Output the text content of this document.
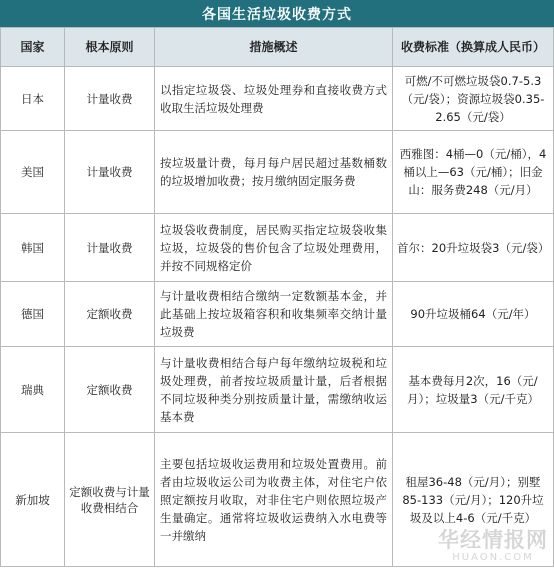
各国生活垃圾收费方式
国家	根本原则	措施概述	收费标准（换算成人民币）
日本	计量收费	以指定垃圾袋、垃圾处理券和直接收费方式收取生活垃圾处理费	可燃/不可燃垃圾袋0.7-5.3（元/袋）；资源垃圾袋0.35-2.65（元/袋）
美国	计量收费	按垃圾量计费，每月每户居民超过基数桶数的垃圾增加收费；按月缴纳固定服务费	西雅图：4桶—0（元/桶），4桶以上—63（元/桶）；旧金山：服务费248（元/月）
韩国	计量收费	垃圾袋收费制度，居民购买指定垃圾袋收集垃圾，垃圾袋的售价包含了垃圾处理费用，并按不同规格定价	首尔：20升垃圾袋3（元/袋）
德国	定额收费	与计量收费相结合缴纳一定数额基本金，并此基础上按垃圾箱容积和收集频率交纳计量垃圾费	90升垃圾桶64（元/年）
瑞典	定额收费	与计量收费相结合每户每年缴纳垃圾税和垃圾处理费，前者按垃圾质量计量，后者根据不同垃圾种类分别按质量计量，需缴纳收运基本费	基本费每月2次，16（元/月）；垃圾量3（元/千克）
新加坡	定额收费与计量收费相结合	主要包括垃圾收运费用和垃圾处置费用。前者由垃圾收运公司为收费主体，对住宅户依照定额按月收取，对非住宅户则依照垃圾产生量确定。通常将垃圾收运费纳入水电费等一并缴纳	租屋36-48（元/月）；别墅85-133（元/月）；120升垃圾及以上4-6（元/千克）
华经情报网
HUAON.COM
